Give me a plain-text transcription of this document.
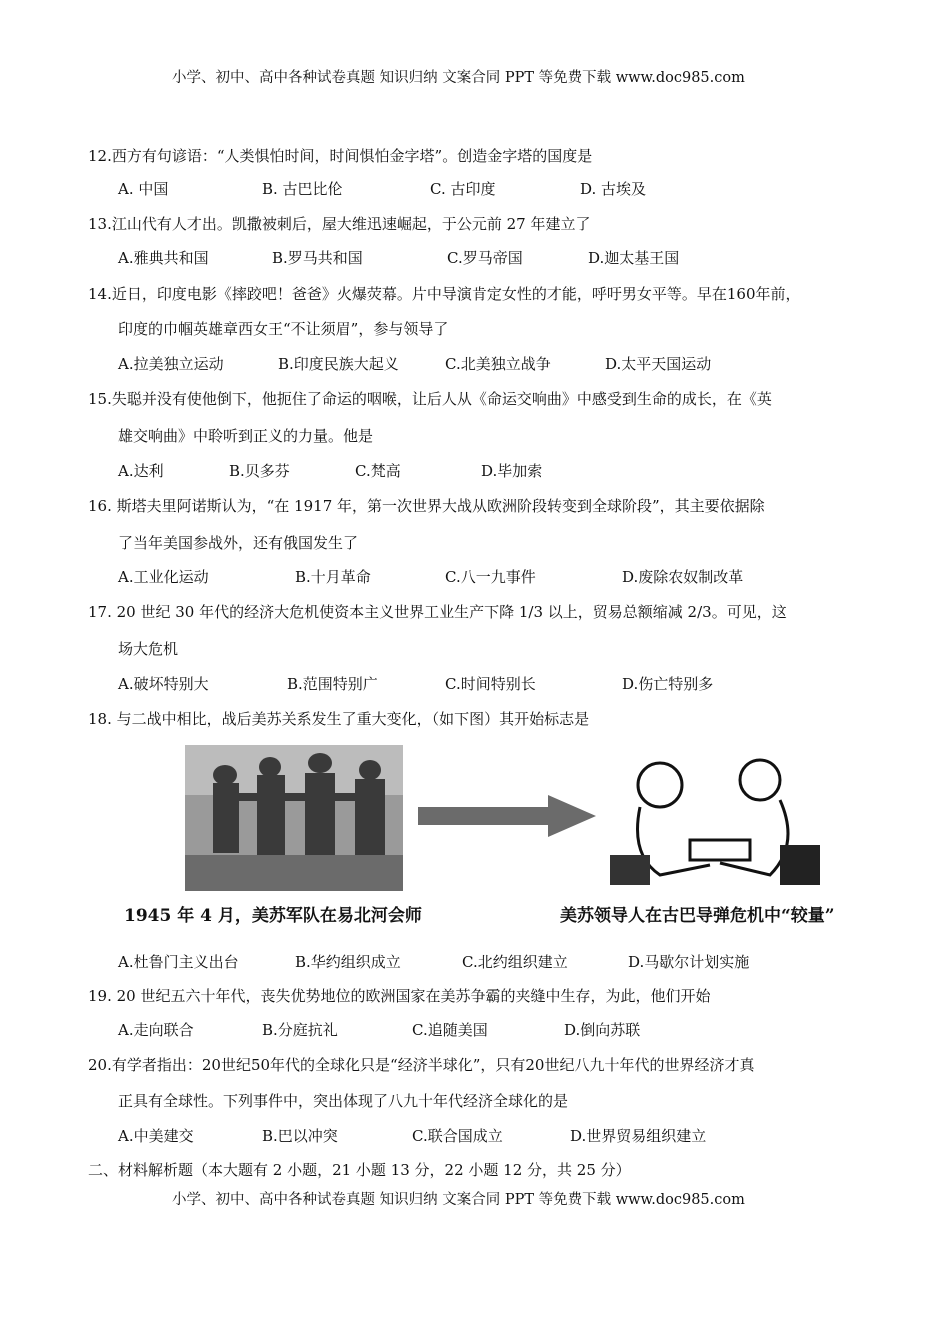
小学、初中、高中各种试卷真题 知识归纳 文案合同 PPT 等免费下载 www.doc985.com
12.西方有句谚语：“人类惧怕时间，时间惧怕金字塔”。创造金字塔的国度是
A. 中国	B. 古巴比伦	C. 古印度	D. 古埃及
13.江山代有人才出。凯撒被刺后，屋大维迅速崛起，于公元前 27 年建立了
A.雅典共和国	B.罗马共和国	C.罗马帝国	D.迦太基王国
14.近日，印度电影《摔跤吧！爸爸》火爆荧幕。片中导演肯定女性的才能，呼吁男女平等。早在160年前，
印度的巾帼英雄章西女王“不让须眉”，参与领导了
A.拉美独立运动	B.印度民族大起义	C.北美独立战争	D.太平天国运动
15.失聪并没有使他倒下，他扼住了命运的咽喉，让后人从《命运交响曲》中感受到生命的成长，在《英
雄交响曲》中聆听到正义的力量。他是
A.达利	B.贝多芬	C.梵高	D.毕加索
16. 斯塔夫里阿诺斯认为，“在 1917 年，第一次世界大战从欧洲阶段转变到全球阶段”，其主要依据除
了当年美国参战外，还有俄国发生了
A.工业化运动	B.十月革命	C.八一九事件	D.废除农奴制改革
17. 20 世纪 30 年代的经济大危机使资本主义世界工业生产下降 1/3 以上，贸易总额缩减 2/3。可见，这
场大危机
A.破坏特别大	B.范围特别广	C.时间特别长	D.伤亡特别多
18. 与二战中相比，战后美苏关系发生了重大变化，（如下图）其开始标志是
A.杜鲁门主义出台	B.华约组织成立	C.北约组织建立	D.马歇尔计划实施
19. 20 世纪五六十年代，丧失优势地位的欧洲国家在美苏争霸的夹缝中生存，为此，他们开始
A.走向联合	B.分庭抗礼	C.追随美国	D.倒向苏联
20.有学者指出：20世纪50年代的全球化只是“经济半球化”，只有20世纪八九十年代的世界经济才真
正具有全球性。下列事件中，突出体现了八九十年代经济全球化的是
A.中美建交	B.巴以冲突	C.联合国成立	D.世界贸易组织建立
1945 年 4 月，美苏军队在易北河会师	美苏领导人在古巴导弹危机中“较量”
二、材料解析题（本大题有 2 小题，21 小题 13 分，22 小题 12 分，共 25 分）
小学、初中、高中各种试卷真题 知识归纳 文案合同 PPT 等免费下载 www.doc985.com
